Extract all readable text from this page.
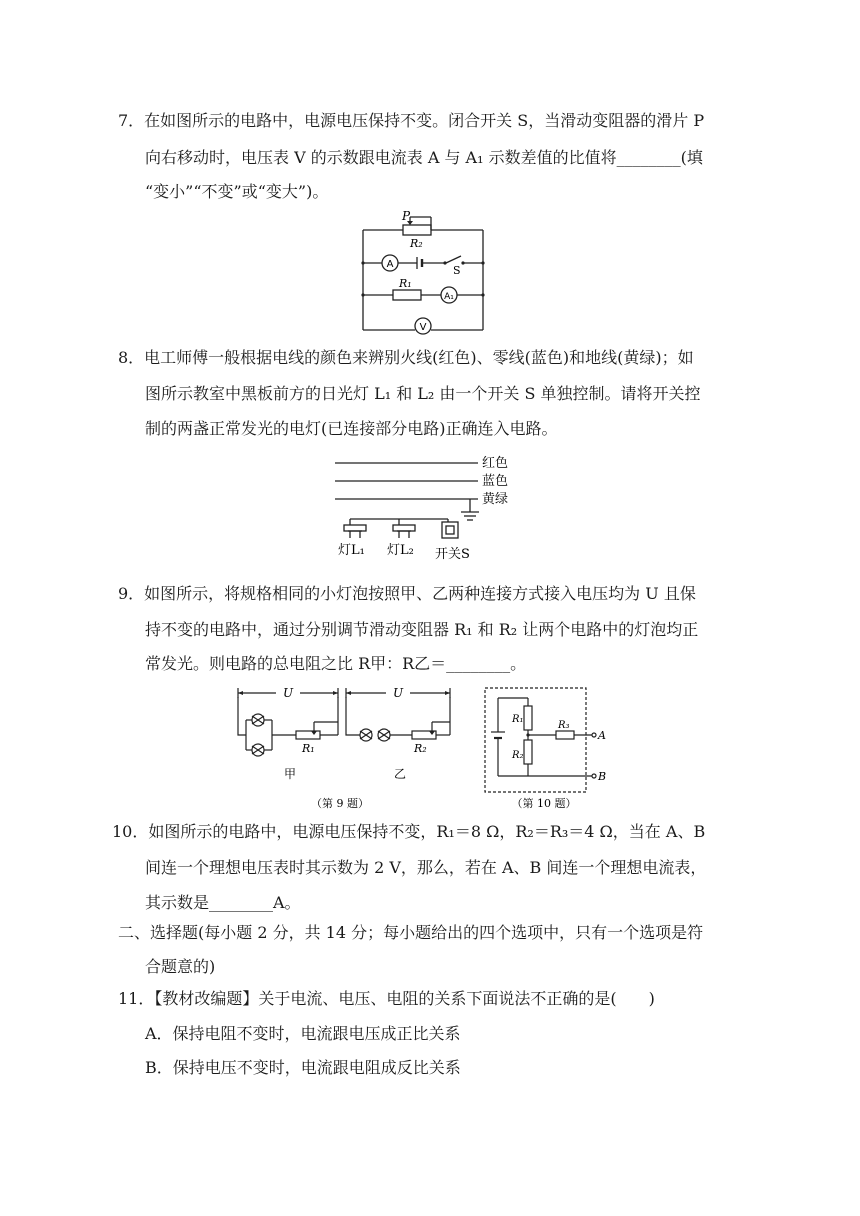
7．在如图所示的电路中，电源电压保持不变。闭合开关 S，当滑动变阻器的滑片 P
向右移动时，电压表 V 的示数跟电流表 A 与 A₁ 示数差值的比值将________(填
“变小”“不变”或“变大”)。
P
R₂
A	S
R₁
A₁
V
8．电工师傅一般根据电线的颜色来辨别火线(红色)、零线(蓝色)和地线(黄绿)；如
图所示教室中黑板前方的日光灯 L₁ 和 L₂ 由一个开关 S 单独控制。请将开关控
制的两盏正常发光的电灯(已连接部分电路)正确连入电路。
红色
蓝色
黄绿
灯L₁ 灯L₂ 开关S
9．如图所示，将规格相同的小灯泡按照甲、乙两种连接方式接入电压均为 U 且保
持不变的电路中，通过分别调节滑动变阻器 R₁ 和 R₂ 让两个电路中的灯泡均正
常发光。则电路的总电阻之比 R甲：R乙＝________。
U	U
R₁	R₂
甲	乙
（第 9 题）
R₁
R₂
R₃
A
B
（第 10 题）
10．如图所示的电路中，电源电压保持不变，R₁＝8 Ω，R₂＝R₃＝4 Ω，当在 A、B
间连一个理想电压表时其示数为 2 V，那么，若在 A、B 间连一个理想电流表，
其示数是________A。
二、选择题(每小题 2 分，共 14 分；每小题给出的四个选项中，只有一个选项是符
合题意的)
11．【教材改编题】关于电流、电压、电阻的关系下面说法不正确的是(　　)
A．保持电阻不变时，电流跟电压成正比关系
B．保持电压不变时，电流跟电阻成反比关系
